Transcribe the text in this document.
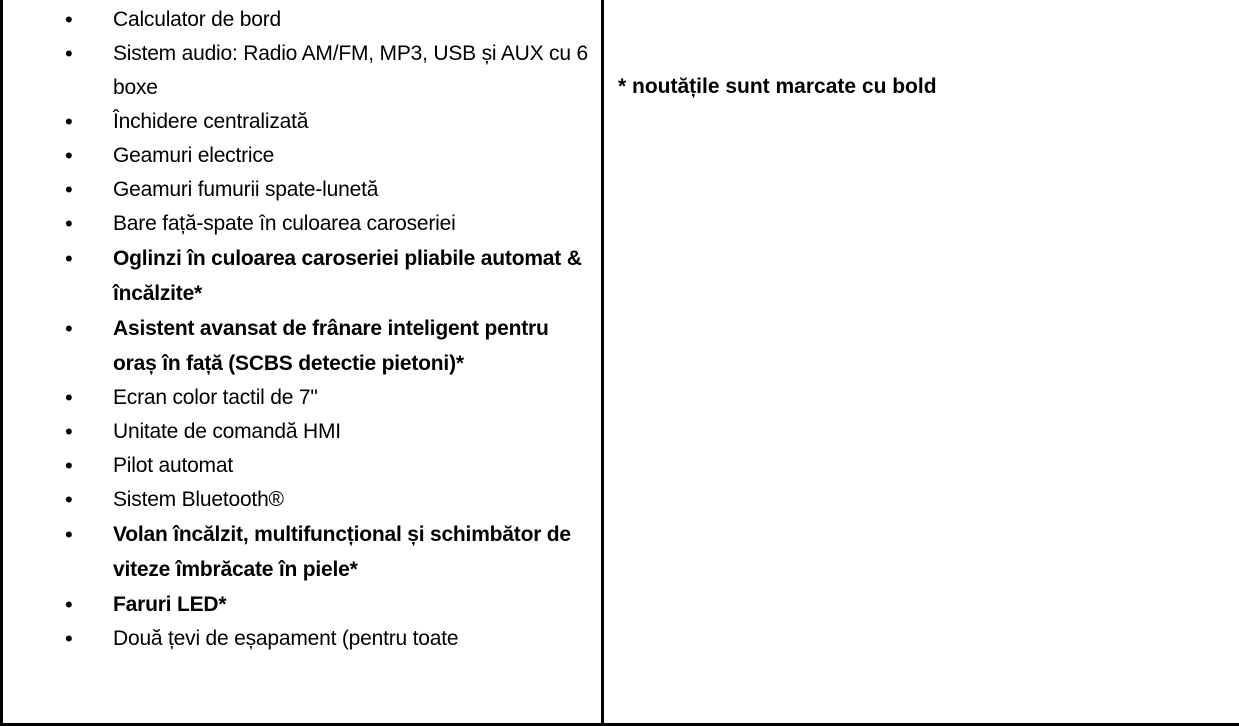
• Calculator de bord
• Sistem audio: Radio AM/FM, MP3, USB și AUX cu 6 boxe
• Închidere centralizată
• Geamuri electrice
• Geamuri fumurii spate-lunetă
• Bare față-spate în culoarea caroseriei
• Oglinzi în culoarea caroseriei pliabile automat & încălzite*
• Asistent avansat de frânare inteligent pentru oraș în față (SCBS detectie pietoni)*
• Ecran color tactil de 7"
• Unitate de comandă HMI
• Pilot automat
• Sistem Bluetooth®
• Volan încălzit, multifuncțional și schimbător de viteze îmbrăcate în piele*
• Faruri LED*
• Două țevi de eșapament (pentru toate

* noutățile sunt marcate cu bold
